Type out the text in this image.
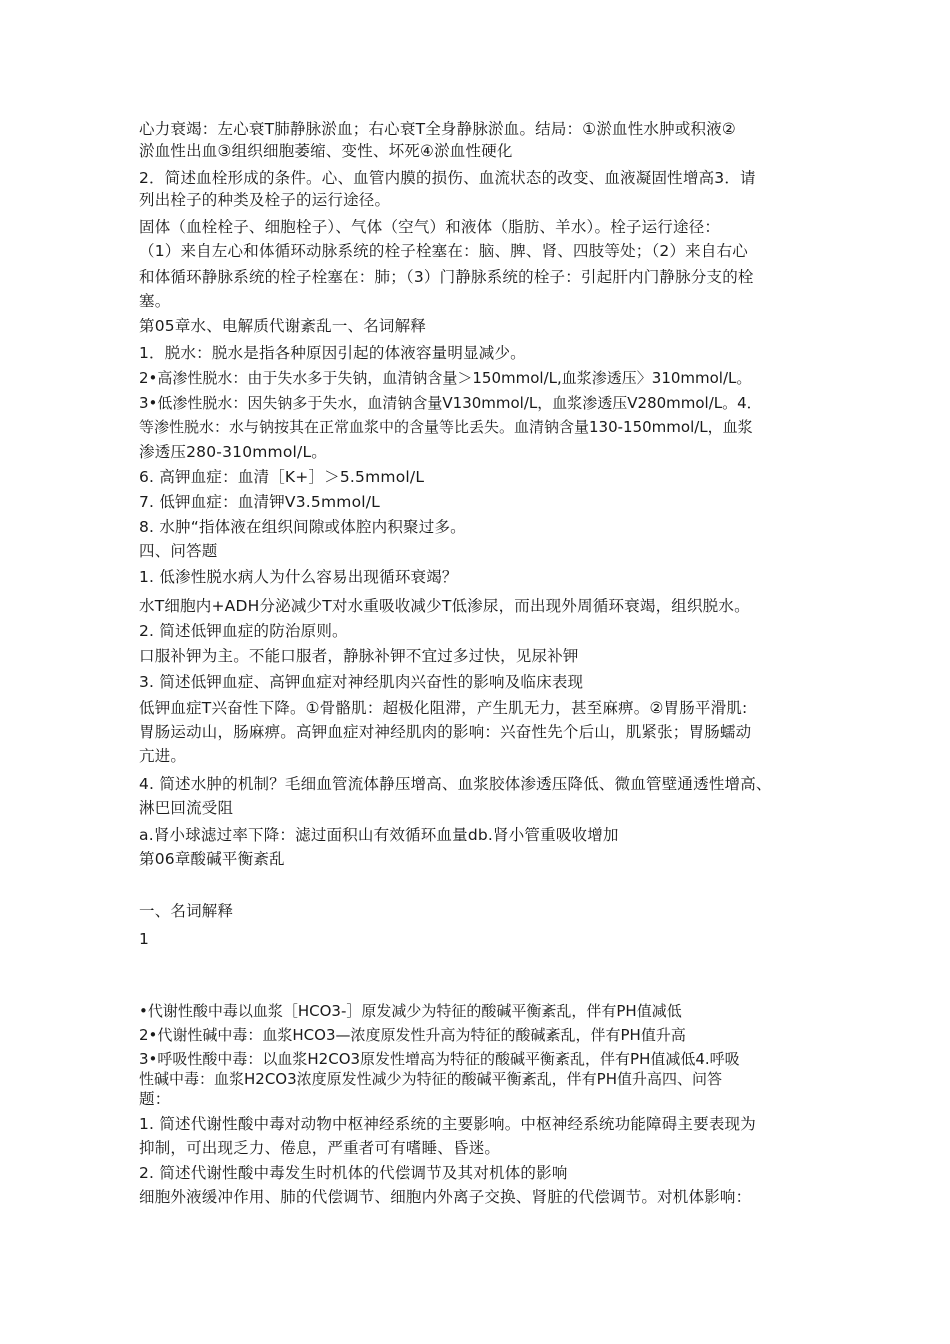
心力衰竭：左心衰T肺静脉淤血；右心衰T全身静脉淤血。结局：①淤血性水肿或积液②
淤血性出血③组织细胞萎缩、变性、坏死④淤血性硬化
2．简述血栓形成的条件。心、血管内膜的损伤、血流状态的改变、血液凝固性增高3．请
列出栓子的种类及栓子的运行途径。
固体（血栓栓子、细胞栓子）、气体（空气）和液体（脂肪、羊水）。栓子运行途径：
（1）来自左心和体循环动脉系统的栓子栓塞在：脑、脾、肾、四肢等处；（2）来自右心
和体循环静脉系统的栓子栓塞在：肺；（3）门静脉系统的栓子：引起肝内门静脉分支的栓
塞。
第05章水、电解质代谢紊乱一、名词解释
1．脱水：脱水是指各种原因引起的体液容量明显减少。
2•高渗性脱水：由于失水多于失钠，血清钠含量＞150mmol/L,血浆渗透压〉310mmol/L。
3•低渗性脱水：因失钠多于失水，血清钠含量V130mmol/L，血浆渗透压V280mmol/L。4．
等渗性脱水：水与钠按其在正常血浆中的含量等比丢失。血清钠含量130-150mmol/L，血浆
渗透压280-310mmol/L。
6. 高钾血症：血清［K+］＞5.5mmol/L
7. 低钾血症：血清钾V3.5mmol/L
8. 水肿“指体液在组织间隙或体腔内积聚过多。
四、问答题
1. 低渗性脱水病人为什么容易出现循环衰竭？
水T细胞内+ADH分泌减少T对水重吸收减少T低渗尿，而出现外周循环衰竭，组织脱水。
2. 简述低钾血症的防治原则。
口服补钾为主。不能口服者，静脉补钾不宜过多过快，见尿补钾
3. 简述低钾血症、高钾血症对神经肌肉兴奋性的影响及临床表现
低钾血症T兴奋性下降。①骨骼肌：超极化阻滞，产生肌无力，甚至麻痹。②胃肠平滑肌:
胃肠运动山，肠麻痹。高钾血症对神经肌肉的影响：兴奋性先个后山，肌紧张；胃肠蠕动
亢进。
4. 简述水肿的机制？毛细血管流体静压增高、血浆胶体渗透压降低、微血管壁通透性增高、
淋巴回流受阻
a.肾小球滤过率下降：滤过面积山有效循环血量db.肾小管重吸收增加
第06章酸碱平衡紊乱
一、名词解释
1
•代谢性酸中毒以血浆［HCO3-］原发减少为特征的酸碱平衡紊乱，伴有PH值减低
2•代谢性碱中毒：血浆HCO3—浓度原发性升高为特征的酸碱紊乱，伴有PH值升高
3•呼吸性酸中毒：以血浆H2CO3原发性增高为特征的酸碱平衡紊乱，伴有PH值减低4.呼吸
性碱中毒：血浆H2CO3浓度原发性减少为特征的酸碱平衡紊乱，伴有PH值升高四、问答
题：
1. 简述代谢性酸中毒对动物中枢神经系统的主要影响。中枢神经系统功能障碍主要表现为
抑制，可出现乏力、倦息，严重者可有嗜睡、昏迷。
2. 简述代谢性酸中毒发生时机体的代偿调节及其对机体的影响
细胞外液缓冲作用、肺的代偿调节、细胞内外离子交换、肾脏的代偿调节。对机体影响：
